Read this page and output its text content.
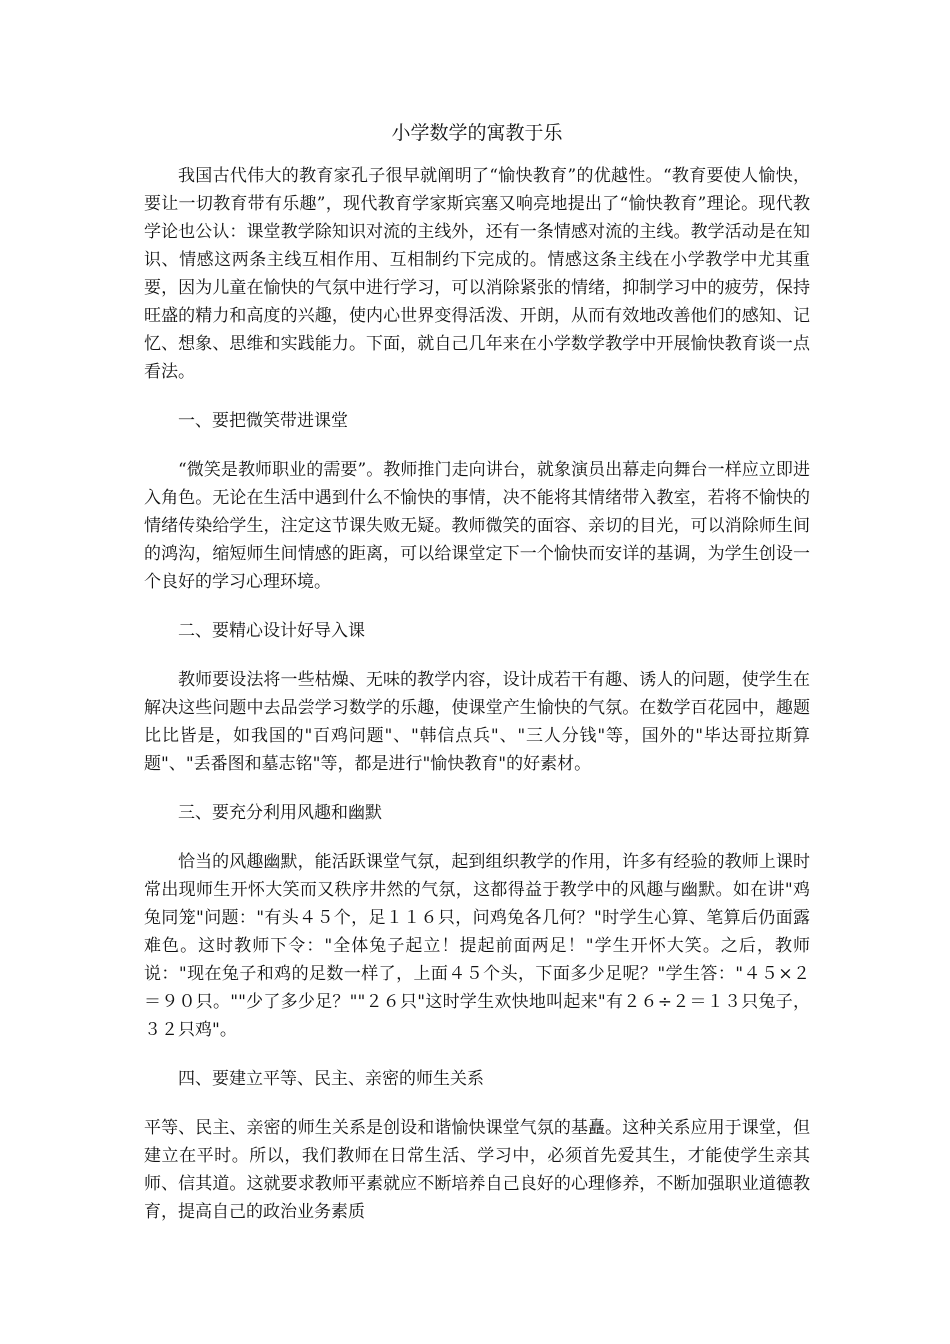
小学数学的寓教于乐

我国古代伟大的教育家孔子很早就阐明了“愉快教育”的优越性。“教育要使人愉快，要让一切教育带有乐趣”，现代教育学家斯宾塞又响亮地提出了“愉快教育”理论。现代教学论也公认：课堂教学除知识对流的主线外，还有一条情感对流的主线。教学活动是在知识、情感这两条主线互相作用、互相制约下完成的。情感这条主线在小学教学中尤其重要，因为儿童在愉快的气氛中进行学习，可以消除紧张的情绪，抑制学习中的疲劳，保持旺盛的精力和高度的兴趣，使内心世界变得活泼、开朗，从而有效地改善他们的感知、记忆、想象、思维和实践能力。下面，就自己几年来在小学数学教学中开展愉快教育谈一点看法。

一、要把微笑带进课堂

“微笑是教师职业的需要”。教师推门走向讲台，就象演员出幕走向舞台一样应立即进入角色。无论在生活中遇到什么不愉快的事情，决不能将其情绪带入教室，若将不愉快的情绪传染给学生，注定这节课失败无疑。教师微笑的面容、亲切的目光，可以消除师生间的鸿沟，缩短师生间情感的距离，可以给课堂定下一个愉快而安详的基调，为学生创设一个良好的学习心理环境。

二、要精心设计好导入课

教师要设法将一些枯燥、无味的教学内容，设计成若干有趣、诱人的问题，使学生在解决这些问题中去品尝学习数学的乐趣，使课堂产生愉快的气氛。在数学百花园中，趣题比比皆是，如我国的"百鸡问题"、"韩信点兵"、"三人分钱"等，国外的"毕达哥拉斯算题"、"丢番图和墓志铭"等，都是进行"愉快教育"的好素材。

三、要充分利用风趣和幽默

恰当的风趣幽默，能活跃课堂气氛，起到组织教学的作用，许多有经验的教师上课时常出现师生开怀大笑而又秩序井然的气氛，这都得益于教学中的风趣与幽默。如在讲"鸡兔同笼"问题："有头４５个，足１１６只，问鸡兔各几何？"时学生心算、笔算后仍面露难色。这时教师下令："全体兔子起立！提起前面两足！"学生开怀大笑。之后，教师说："现在兔子和鸡的足数一样了，上面４５个头，下面多少足呢？"学生答："４５×２＝９０只。""少了多少足？""２６只"这时学生欢快地叫起来"有２６÷２＝１３只兔子，３２只鸡"。

四、要建立平等、民主、亲密的师生关系

平等、民主、亲密的师生关系是创设和谐愉快课堂气氛的基矗。这种关系应用于课堂，但建立在平时。所以，我们教师在日常生活、学习中，必须首先爱其生，才能使学生亲其师、信其道。这就要求教师平素就应不断培养自己良好的心理修养，不断加强职业道德教育，提高自己的政治业务素质
